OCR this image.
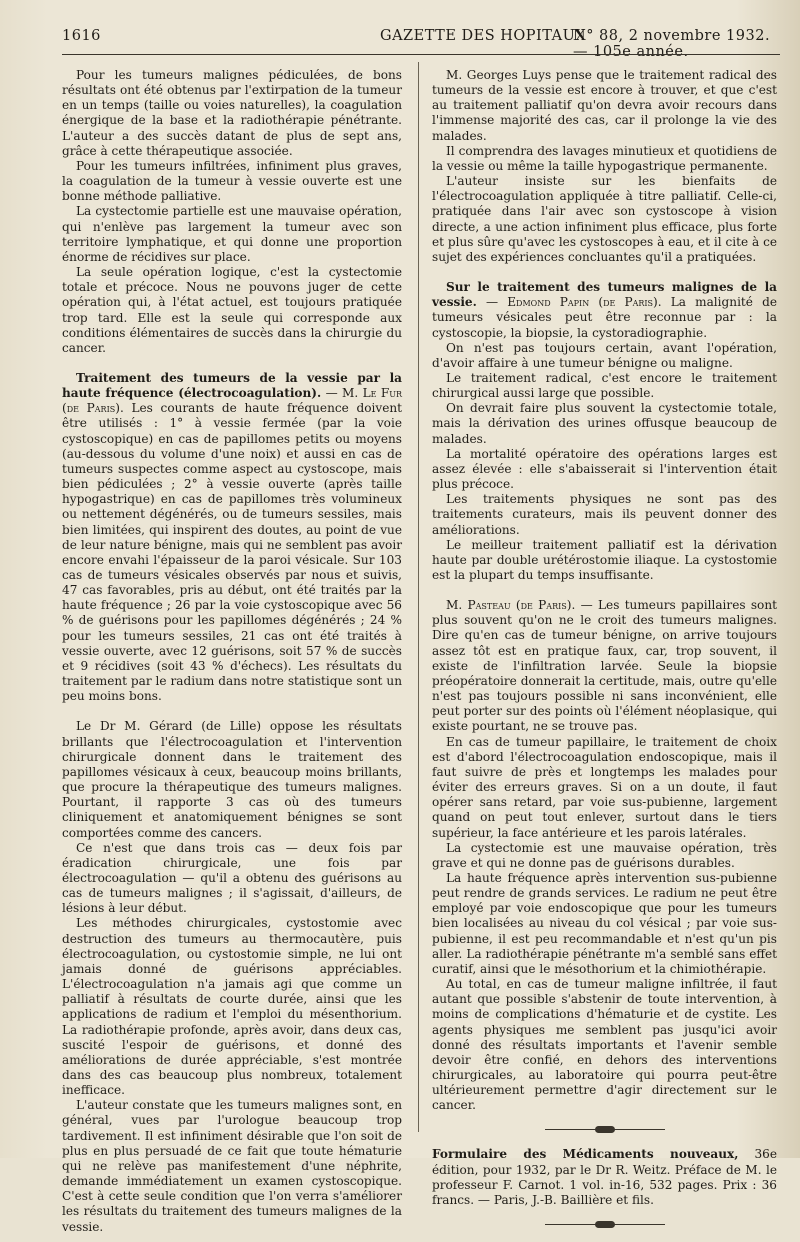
1616	GAZETTE DES HOPITAUX
N° 88, 2 novembre 1932. — 105e année.

Pour les tumeurs malignes pédiculées, de bons résultats ont été obtenus par l'extirpation de la tumeur en un temps (taille ou voies naturelles), la coagulation énergique de la base et la radiothérapie pénétrante. L'auteur a des succès datant de plus de sept ans, grâce à cette thérapeutique associée.

Pour les tumeurs infiltrées, infiniment plus graves, la coagulation de la tumeur à vessie ouverte est une bonne méthode palliative.

La cystectomie partielle est une mauvaise opération, qui n'enlève pas largement la tumeur avec son territoire lymphatique, et qui donne une proportion énorme de récidives sur place.

La seule opération logique, c'est la cystectomie totale et précoce. Nous ne pouvons juger de cette opération qui, à l'état actuel, est toujours pratiquée trop tard. Elle est la seule qui corresponde aux conditions élémentaires de succès dans la chirurgie du cancer.

Traitement des tumeurs de la vessie par la haute fréquence (électrocoagulation). — M. Le Fur (de Paris). Les courants de haute fréquence doivent être utilisés : 1° à vessie fermée (par la voie cystoscopique) en cas de papillomes petits ou moyens (au-dessous du volume d'une noix) et aussi en cas de tumeurs suspectes comme aspect au cystoscope, mais bien pédiculées ; 2° à vessie ouverte (après taille hypogastrique) en cas de papillomes très volumineux ou nettement dégénérés, ou de tumeurs sessiles, mais bien limitées, qui inspirent des doutes, au point de vue de leur nature bénigne, mais qui ne semblent pas avoir encore envahi l'épaisseur de la paroi vésicale. Sur 103 cas de tumeurs vésicales observés par nous et suivis, 47 cas favorables, pris au début, ont été traités par la haute fréquence ; 26 par la voie cystoscopique avec 56 % de guérisons pour les papillomes dégénérés ; 24 % pour les tumeurs sessiles, 21 cas ont été traités à vessie ouverte, avec 12 guérisons, soit 57 % de succès et 9 récidives (soit 43 % d'échecs). Les résultats du traitement par le radium dans notre statistique sont un peu moins bons.

Le Dr M. Gérard (de Lille) oppose les résultats brillants que l'électrocoagulation et l'intervention chirurgicale donnent dans le traitement des papillomes vésicaux à ceux, beaucoup moins brillants, que procure la thérapeutique des tumeurs malignes. Pourtant, il rapporte 3 cas où des tumeurs cliniquement et anatomiquement bénignes se sont comportées comme des cancers.

Ce n'est que dans trois cas — deux fois par éradication chirurgicale, une fois par électrocoagulation — qu'il a obtenu des guérisons au cas de tumeurs malignes ; il s'agissait, d'ailleurs, de lésions à leur début.

Les méthodes chirurgicales, cystostomie avec destruction des tumeurs au thermocautère, puis électrocoagulation, ou cystostomie simple, ne lui ont jamais donné de guérisons appréciables. L'électrocoagulation n'a jamais agi que comme un palliatif à résultats de courte durée, ainsi que les applications de radium et l'emploi du mésenthorium. La radiothérapie profonde, après avoir, dans deux cas, suscité l'espoir de guérisons, et donné des améliorations de durée appréciable, s'est montrée dans des cas beaucoup plus nombreux, totalement inefficace.

L'auteur constate que les tumeurs malignes sont, en général, vues par l'urologue beaucoup trop tardivement. Il est infiniment désirable que l'on soit de plus en plus persuadé de ce fait que toute hématurie qui ne relève pas manifestement d'une néphrite, demande immédiatement un examen cystoscopique. C'est à cette seule condition que l'on verra s'améliorer les résultats du traitement des tumeurs malignes de la vessie.

M. Georges Luys pense que le traitement radical des tumeurs de la vessie est encore à trouver, et que c'est au traitement palliatif qu'on devra avoir recours dans l'immense majorité des cas, car il prolonge la vie des malades.

Il comprendra des lavages minutieux et quotidiens de la vessie ou même la taille hypogastrique permanente.

L'auteur insiste sur les bienfaits de l'électrocoagulation appliquée à titre palliatif. Celle-ci, pratiquée dans l'air avec son cystoscope à vision directe, a une action infiniment plus efficace, plus forte et plus sûre qu'avec les cystoscopes à eau, et il cite à ce sujet des expériences concluantes qu'il a pratiquées.

Sur le traitement des tumeurs malignes de la vessie. — Edmond Papin (de Paris). La malignité de tumeurs vésicales peut être reconnue par : la cystoscopie, la biopsie, la cystoradiographie.

On n'est pas toujours certain, avant l'opération, d'avoir affaire à une tumeur bénigne ou maligne.

Le traitement radical, c'est encore le traitement chirurgical aussi large que possible.

On devrait faire plus souvent la cystectomie totale, mais la dérivation des urines offusque beaucoup de malades.

La mortalité opératoire des opérations larges est assez élevée : elle s'abaisserait si l'intervention était plus précoce.

Les traitements physiques ne sont pas des traitements curateurs, mais ils peuvent donner des améliorations.

Le meilleur traitement palliatif est la dérivation haute par double urétérostomie iliaque. La cystostomie est la plupart du temps insuffisante.

M. Pasteau (de Paris). — Les tumeurs papillaires sont plus souvent qu'on ne le croit des tumeurs malignes. Dire qu'en cas de tumeur bénigne, on arrive toujours assez tôt est en pratique faux, car, trop souvent, il existe de l'infiltration larvée. Seule la biopsie préopératoire donnerait la certitude, mais, outre qu'elle n'est pas toujours possible ni sans inconvénient, elle peut porter sur des points où l'élément néoplasique, qui existe pourtant, ne se trouve pas.

En cas de tumeur papillaire, le traitement de choix est d'abord l'électrocoagulation endoscopique, mais il faut suivre de près et longtemps les malades pour éviter des erreurs graves. Si on a un doute, il faut opérer sans retard, par voie sus-pubienne, largement quand on peut tout enlever, surtout dans le tiers supérieur, la face antérieure et les parois latérales.

La cystectomie est une mauvaise opération, très grave et qui ne donne pas de guérisons durables.

La haute fréquence après intervention sus-pubienne peut rendre de grands services. Le radium ne peut être employé par voie endoscopique que pour les tumeurs bien localisées au niveau du col vésical ; par voie sus-pubienne, il est peu recommandable et n'est qu'un pis aller. La radiothérapie pénétrante m'a semblé sans effet curatif, ainsi que le mésothorium et la chimiothérapie.

Au total, en cas de tumeur maligne infiltrée, il faut autant que possible s'abstenir de toute intervention, à moins de complications d'hématurie et de cystite. Les agents physiques me semblent pas jusqu'ici avoir donné des résultats importants et l'avenir semble devoir être confié, en dehors des interventions chirurgicales, au laboratoire qui pourra peut-être ultérieurement permettre d'agir directement sur le cancer.

Formulaire des Médicaments nouveaux, 36e édition, pour 1932, par le Dr R. Weitz. Préface de M. le professeur F. Carnot. 1 vol. in-16, 532 pages. Prix : 36 francs. — Paris, J.-B. Baillière et fils.
